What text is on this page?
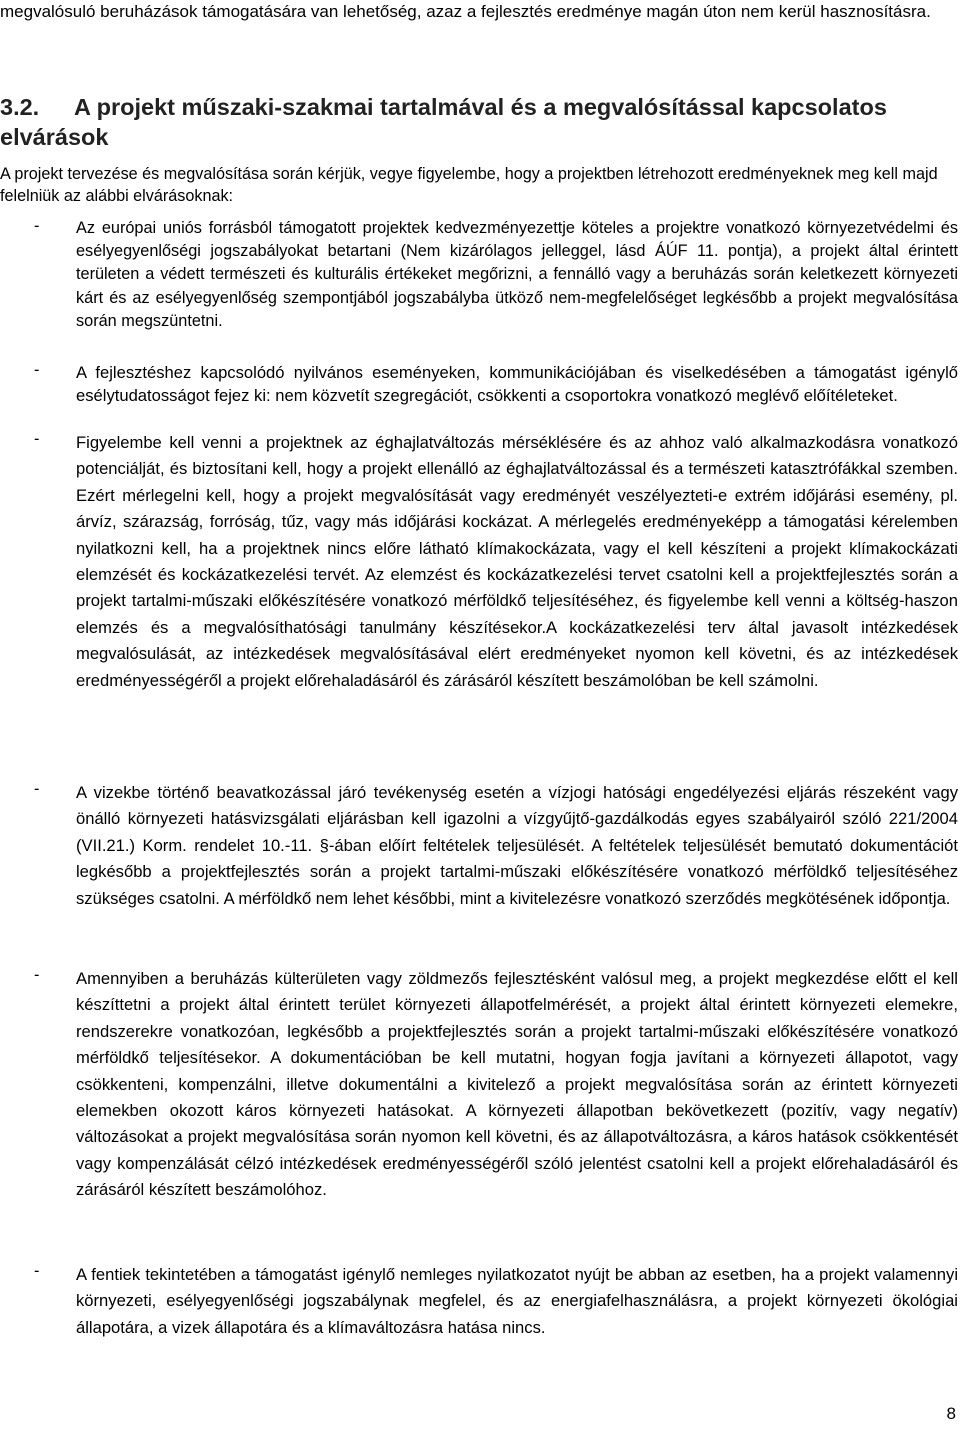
megvalósuló beruházások támogatására van lehetőség, azaz a fejlesztés eredménye magán úton nem kerül hasznosításra.

3.2. A projekt műszaki-szakmai tartalmával és a megvalósítással kapcsolatos elvárások

A projekt tervezése és megvalósítása során kérjük, vegye figyelembe, hogy a projektben létrehozott eredményeknek meg kell majd felelniük az alábbi elvárásoknak:

- Az európai uniós forrásból támogatott projektek kedvezményezettje köteles a projektre vonatkozó környezetvédelmi és esélyegyenlőségi jogszabályokat betartani (Nem kizárólagos jelleggel, lásd ÁÚF 11. pontja), a projekt által érintett területen a védett természeti és kulturális értékeket megőrizni, a fennálló vagy a beruházás során keletkezett környezeti kárt és az esélyegyenlőség szempontjából jogszabályba ütköző nem-megfelelőséget legkésőbb a projekt megvalósítása során megszüntetni.

- A fejlesztéshez kapcsolódó nyilvános eseményeken, kommunikációjában és viselkedésében a támogatást igénylő esélytudatosságot fejez ki: nem közvetít szegregációt, csökkenti a csoportokra vonatkozó meglévő előítéleteket.

- Figyelembe kell venni a projektnek az éghajlatváltozás mérséklésére és az ahhoz való alkalmazkodásra vonatkozó potenciálját, és biztosítani kell, hogy a projekt ellenálló az éghajlatváltozással és a természeti katasztrófákkal szemben. Ezért mérlegelni kell, hogy a projekt megvalósítását vagy eredményét veszélyezteti-e extrém időjárási esemény, pl. árvíz, szárazság, forróság, tűz, vagy más időjárási kockázat. A mérlegelés eredményeképp a támogatási kérelemben nyilatkozni kell, ha a projektnek nincs előre látható klímakockázata, vagy el kell készíteni a projekt klímakockázati elemzését és kockázatkezelési tervét. Az elemzést és kockázatkezelési tervet csatolni kell a projektfejlesztés során a projekt tartalmi-műszaki előkészítésére vonatkozó mérföldkő teljesítéséhez, és figyelembe kell venni a költség-haszon elemzés és a megvalósíthatósági tanulmány készítésekor.A kockázatkezelési terv által javasolt intézkedések megvalósulását, az intézkedések megvalósításával elért eredményeket nyomon kell követni, és az intézkedések eredményességéről a projekt előrehaladásáról és zárásáról készített beszámolóban be kell számolni.

- A vizekbe történő beavatkozással járó tevékenység esetén a vízjogi hatósági engedélyezési eljárás részeként vagy önálló környezeti hatásvizsgálati eljárásban kell igazolni a vízgyűjtő-gazdálkodás egyes szabályairól szóló 221/2004 (VII.21.) Korm. rendelet 10.-11. §-ában előírt feltételek teljesülését. A feltételek teljesülését bemutató dokumentációt legkésőbb a projektfejlesztés során a projekt tartalmi-műszaki előkészítésére vonatkozó mérföldkő teljesítéséhez szükséges csatolni. A mérföldkő nem lehet későbbi, mint a kivitelezésre vonatkozó szerződés megkötésének időpontja.

- Amennyiben a beruházás külterületen vagy zöldmezős fejlesztésként valósul meg, a projekt megkezdése előtt el kell készíttetni a projekt által érintett terület környezeti állapotfelmérését, a projekt által érintett környezeti elemekre, rendszerekre vonatkozóan, legkésőbb a projektfejlesztés során a projekt tartalmi-műszaki előkészítésére vonatkozó mérföldkő teljesítésekor. A dokumentációban be kell mutatni, hogyan fogja javítani a környezeti állapotot, vagy csökkenteni, kompenzálni, illetve dokumentálni a kivitelező a projekt megvalósítása során az érintett környezeti elemekben okozott káros környezeti hatásokat. A környezeti állapotban bekövetkezett (pozitív, vagy negatív) változásokat a projekt megvalósítása során nyomon kell követni, és az állapotváltozásra, a káros hatások csökkentését vagy kompenzálását célzó intézkedések eredményességéről szóló jelentést csatolni kell a projekt előrehaladásáról és zárásáról készített beszámolóhoz.

- A fentiek tekintetében a támogatást igénylő nemleges nyilatkozatot nyújt be abban az esetben, ha a projekt valamennyi környezeti, esélyegyenlőségi jogszabálynak megfelel, és az energiafelhasználásra, a projekt környezeti ökológiai állapotára, a vizek állapotára és a klímaváltozásra hatása nincs.

8
